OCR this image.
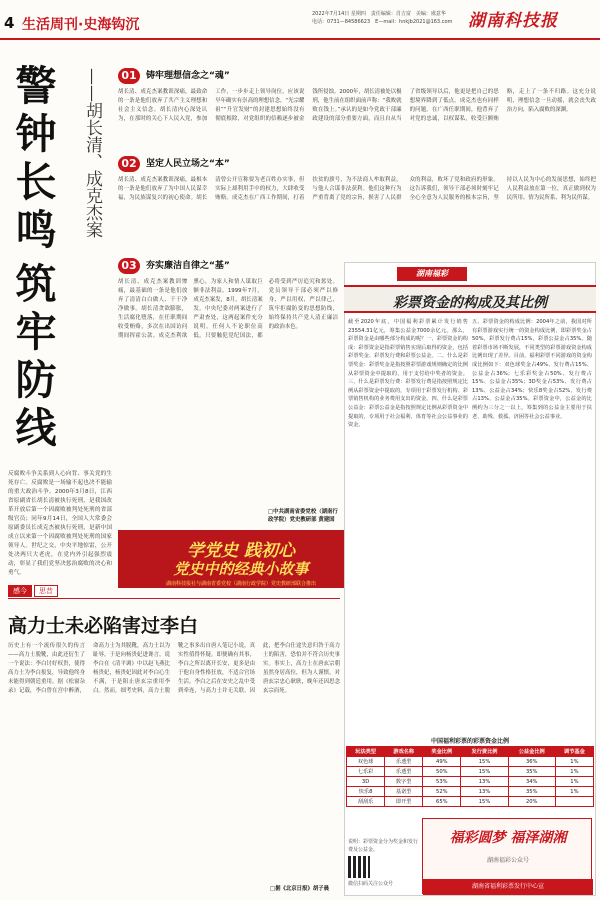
4 生活周刊·史海钩沉
2022年7月14日 星期四　责任编辑：肖吉富　美编：虞意华
电话：0731—84586623　E—mail：hnkjb2021@163.com 湖南科技报
警
钟
长
鸣
筑
牢
防
线
——胡长清、成克杰案
反腐败斗争关系到人心向背、事关党的生死存亡。反腐败是一场输不起也决不能输的重大政治斗争。2000年3月8日，江西省原副省长胡长清被执行死刑，是我国改革开放后第一个因腐败被判处死刑的省部级官员；同年9月14日，全国人大常委会原副委员长成克杰被执行死刑，是新中国成立以来第一个因腐败被判处死刑的国家领导人。世纪之交，中央平地惊雷，公开处决两只大老虎，在党内外引起强烈震动，彰显了我们党坚决惩治腐败的决心和勇气。
01	铸牢理想信念之“魂”
胡长清、成克杰案教训深痛，最致命的一条是他们放弃了共产主义理想和社会主义信念。胡长清内心深处认为，在那时的关心下人民入党，参加工作，一步步走上领导岗位，应该说早年确实有崇高的理想信念，“光宗耀祖”“升官发财”的封建思想始终没有彻底根除，对党组织的信赖逐步被金钱所侵蚀。2000年，胡长清被处以极刑，他生前在组织面前声称：“我败就败在钱上。”承认的是如今党政干部廉政建设的部分重要方面，而且自从当了省级领导以后，他更是把自己的思想境界降到了低点。成克杰也有同样的问题。在广西任职期间，他背弃了对党的忠诚，以权谋私，收受巨额贿赂，走上了一条不归路。这充分说明，理想信念一旦动摇，就会丧失政治方向，陷入腐败的深渊。
02	坚定人民立场之“本”
胡长清、成克杰案教训深痛，最根本的一条是他们放弃了为中国人民谋幸福，为民族谋复兴的初心使命。胡长清曾公开宣称要为老百姓办实事，但实际上却利用手中的权力，大肆收受贿赂。成克杰在广西工作期间，打着扶贫的旗号，为不法商人牟取利益，与他人合谋非法获利。他们这种行为严重背离了党的宗旨，损害了人民群众的利益，败坏了党和政府的形象。这告诉我们，领导干部必须时刻牢记全心全意为人民服务的根本宗旨，坚持以人民为中心的发展思想，始终把人民利益放在第一位，真正做到权为民所用、情为民所系、利为民所谋。
03	夯实廉洁自律之“基”
胡长清、成克杰案教训惨痛，最基础的一条是他们放弃了清清白白做人、干干净净做事。胡长清贪欲膨胀，生活腐化堕落，在任职期间收受贿赂，多次在出国访问期间挥霍公款。成克杰利欲熏心，为家人和情人谋取巨额非法利益。1999年7月，成克杰案发，8月，胡长清案发。中央纪委对两案进行了严肃查处，这两起案件充分说明，任何人不论职位高低，只要触犯党纪国法，都必将受到严厉追究和惩处。党员领导干部必须严以修身、严以用权、严以律己，筑牢拒腐防变的思想防线，始终保持共产党人清正廉洁的政治本色。
□中共湖南省委党校（湖南行政学院）党史教研部 黄建国
学党史 践初心
党史中的经典小故事
湖南科技报社与湖南省委党校（湖南行政学院）党史教研部联合推出
感今	思昔
高力士未必陷害过李白
历史上有一个流传很久的传言——高力士脱靴，由此还衍生了一个说法：李白讨好权贵，使得高力士为李白报复，导致他终身未能得到朝廷重用。据《松窗杂录》记载，李白曾在宫中醉酒，命高力士为其脱靴，高力士以为耻辱，于是向杨贵妃进谗言，说李白在《清平调》中以赵飞燕比杨贵妃，杨贵妃因此对李白心生不满，于是阻止唐玄宗重用李白。然而，细考史料，高力士脱靴之事多出自唐人笔记小说，真实性值得怀疑。即便确有其事，李白之所以离开长安，更多是由于他自身性格狂放，不适合官场生活。李白之后在安史之乱中受到牵连，与高力士并无关联。因此，把李白仕途失意归咎于高力士的陷害，恐怕并不符合历史事实。事实上，高力士在唐玄宗朝虽然身居高位，但为人谨慎，对唐玄宗忠心耿耿，晚年还因思念玄宗而死。
□据《北京日报》胡子晨
湖南福彩
彩票资金的构成及其比例
截至2020年底，中国福利彩票累计发行销售23554.31亿元，筹集公益金7000余亿元。那么，彩票资金是由哪些部分构成的呢？一、彩票资金的构成：彩票资金是指彩票销售实现后取得的资金，包括彩票奖金、彩票发行费和彩票公益金。二、什么是彩票奖金：彩票奖金是指按照彩票游戏规则确定的比例从彩票资金中提取的，用于支付给中奖者的资金。三、什么是彩票发行费：彩票发行费是指按照规定比例从彩票资金中提取的，专项用于彩票发行机构、彩票销售机构的业务费用支出的资金。四、什么是彩票公益金：彩票公益金是指按照规定比例从彩票资金中提取的，专项用于社会福利、体育等社会公益事业的资金。
五、彩票资金的构成比例：2004年之前，我国对所有彩票游戏实行统一的资金构成比例，即彩票奖金占50%，彩票发行费占15%，彩票公益金占35%。随着彩票市场不断发展，不同类型的彩票游戏资金构成比例出现了差异。目前，福利彩票不同游戏的资金构成比例如下：双色球奖金占49%、发行费占15%、公益金占36%；七乐彩奖金占50%、发行费占15%、公益金占35%；3D奖金占53%、发行费占13%、公益金占34%；快乐8奖金占52%、发行费占13%、公益金占35%。彩票资金中，公益金的比例约为三分之一以上，筹集到的公益金主要用于扶老、助残、救孤、济困等社会公益事业。
中国福利彩票的彩票资金比例
玩法类型	游戏名称	奖金比例	发行费比例	公益金比例	调节基金
双色球	乐透型	49%	15%	36%	1%
七乐彩	乐透型	50%	15%	35%	1%
3D	数字型	53%	13%	34%	1%
快乐8	基诺型	52%	13%	35%	1%
刮刮乐	即开型	65%	15%	20%	
说明：彩票资金分为奖金和发行费及公益金。
微信扫码关注公众号
福彩圆梦 福泽湖湘
湖南福彩公众号
湖南省福利彩票发行中心宣
